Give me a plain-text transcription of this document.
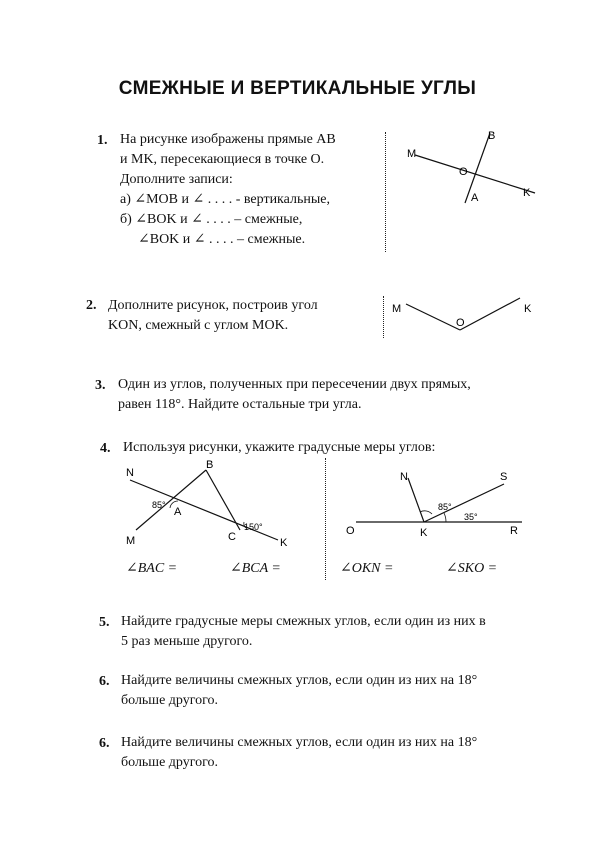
СМЕЖНЫЕ И ВЕРТИКАЛЬНЫЕ УГЛЫ
1. На рисунке изображены прямые AB
и MK, пересекающиеся в точке O.
Дополните записи:
а) ∠MOB и ∠ . . . . - вертикальные,
б) ∠BOK и ∠ . . . . – смежные,
∠BOK и ∠ . . . . – смежные.
M
B
O
A	K
2. Дополните рисунок, построив угол
KON, смежный с углом MOK.
M
O
K
3. Один из углов, полученных при пересечении двух прямых,
равен 118°. Найдите остальные три угла.
4. Используя рисунки, укажите градусные меры углов:
N
B
A
C
M	K
85°
150°
N	S
O	K	R
85°
35°
∠BAC =	∠BCA =	∠OKN =	∠SKO =
5. Найдите градусные меры смежных углов, если один из них в
5 раз меньше другого.
6. Найдите величины смежных углов, если один из них на 18°
больше другого.
6. Найдите величины смежных углов, если один из них на 18°
больше другого.
